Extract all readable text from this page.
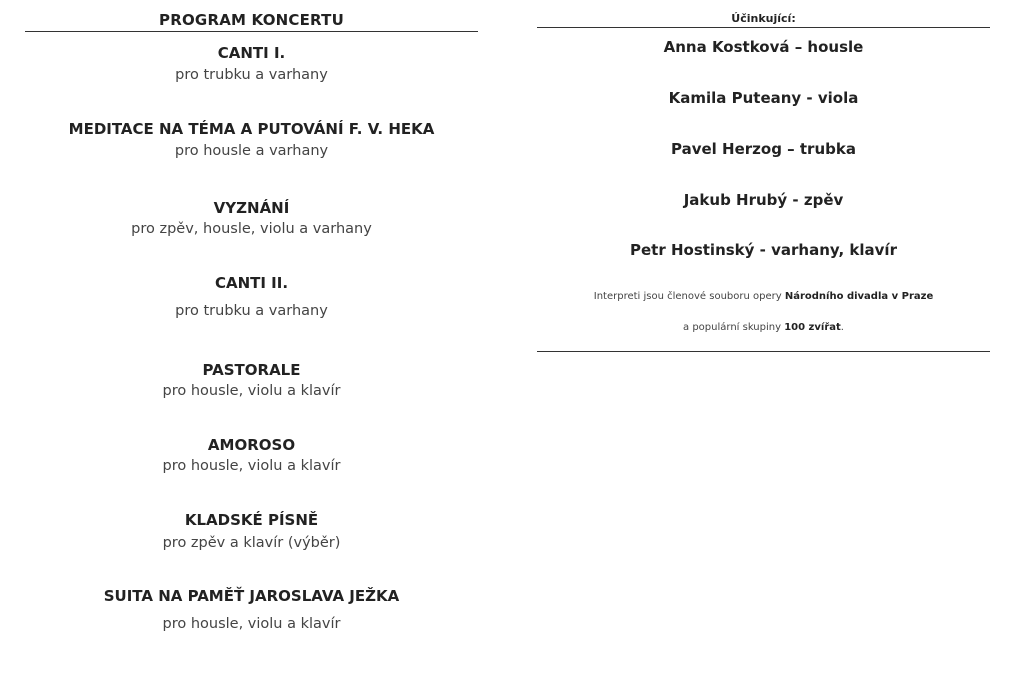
PROGRAM KONCERTU
CANTI I.
pro trubku a varhany
MEDITACE NA TÉMA A PUTOVÁNÍ F. V. HEKA
pro housle a varhany
VYZNÁNÍ
pro zpěv, housle, violu a varhany
CANTI II.
pro trubku a varhany
PASTORALE
pro housle, violu a klavír
AMOROSO
pro housle, violu a klavír
KLADSKÉ PÍSNĚ
pro zpěv a klavír (výběr)
SUITA NA PAMĚŤ JAROSLAVA JEŽKA
pro housle, violu a klavír
Účinkující:
Anna Kostková – housle
Kamila Puteany - viola
Pavel Herzog – trubka
Jakub Hrubý - zpěv
Petr Hostinský - varhany, klavír
Interpreti jsou členové souboru opery Národního divadla v Praze
a populární skupiny 100 zvířat.
